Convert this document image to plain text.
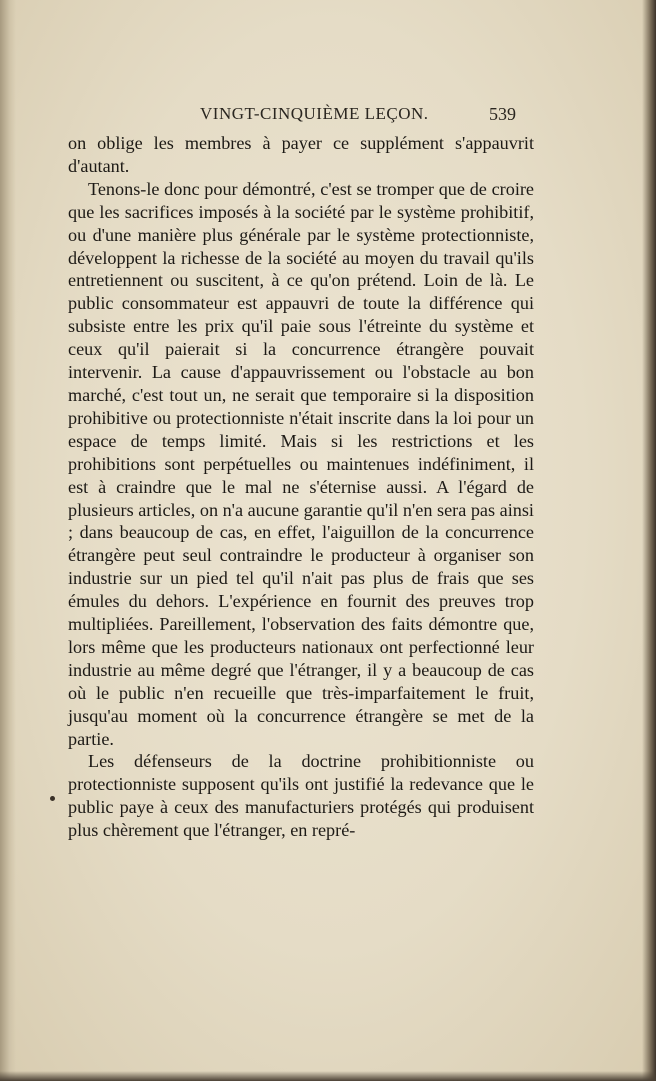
VINGT-CINQUIÈME LEÇON.	539

on oblige les membres à payer ce supplément s'appauvrit d'autant.

Tenons-le donc pour démontré, c'est se tromper que de croire que les sacrifices imposés à la société par le système prohibitif, ou d'une manière plus générale par le système protectionniste, développent la richesse de la société au moyen du travail qu'ils entretiennent ou suscitent, à ce qu'on prétend. Loin de là. Le public consommateur est appauvri de toute la différence qui subsiste entre les prix qu'il paie sous l'étreinte du système et ceux qu'il paierait si la concurrence étrangère pouvait intervenir. La cause d'appauvrissement ou l'obstacle au bon marché, c'est tout un, ne serait que temporaire si la disposition prohibitive ou protectionniste n'était inscrite dans la loi pour un espace de temps limité. Mais si les restrictions et les prohibitions sont perpétuelles ou maintenues indéfiniment, il est à craindre que le mal ne s'éternise aussi. A l'égard de plusieurs articles, on n'a aucune garantie qu'il n'en sera pas ainsi ; dans beaucoup de cas, en effet, l'aiguillon de la concurrence étrangère peut seul contraindre le producteur à organiser son industrie sur un pied tel qu'il n'ait pas plus de frais que ses émules du dehors. L'expérience en fournit des preuves trop multipliées. Pareillement, l'observation des faits démontre que, lors même que les producteurs nationaux ont perfectionné leur industrie au même degré que l'étranger, il y a beaucoup de cas où le public n'en recueille que très-imparfaitement le fruit, jusqu'au moment où la concurrence étrangère se met de la partie.

Les défenseurs de la doctrine prohibitionniste ou protectionniste supposent qu'ils ont justifié la redevance que le public paye à ceux des manufacturiers protégés qui produisent plus chèrement que l'étranger, en repré-
